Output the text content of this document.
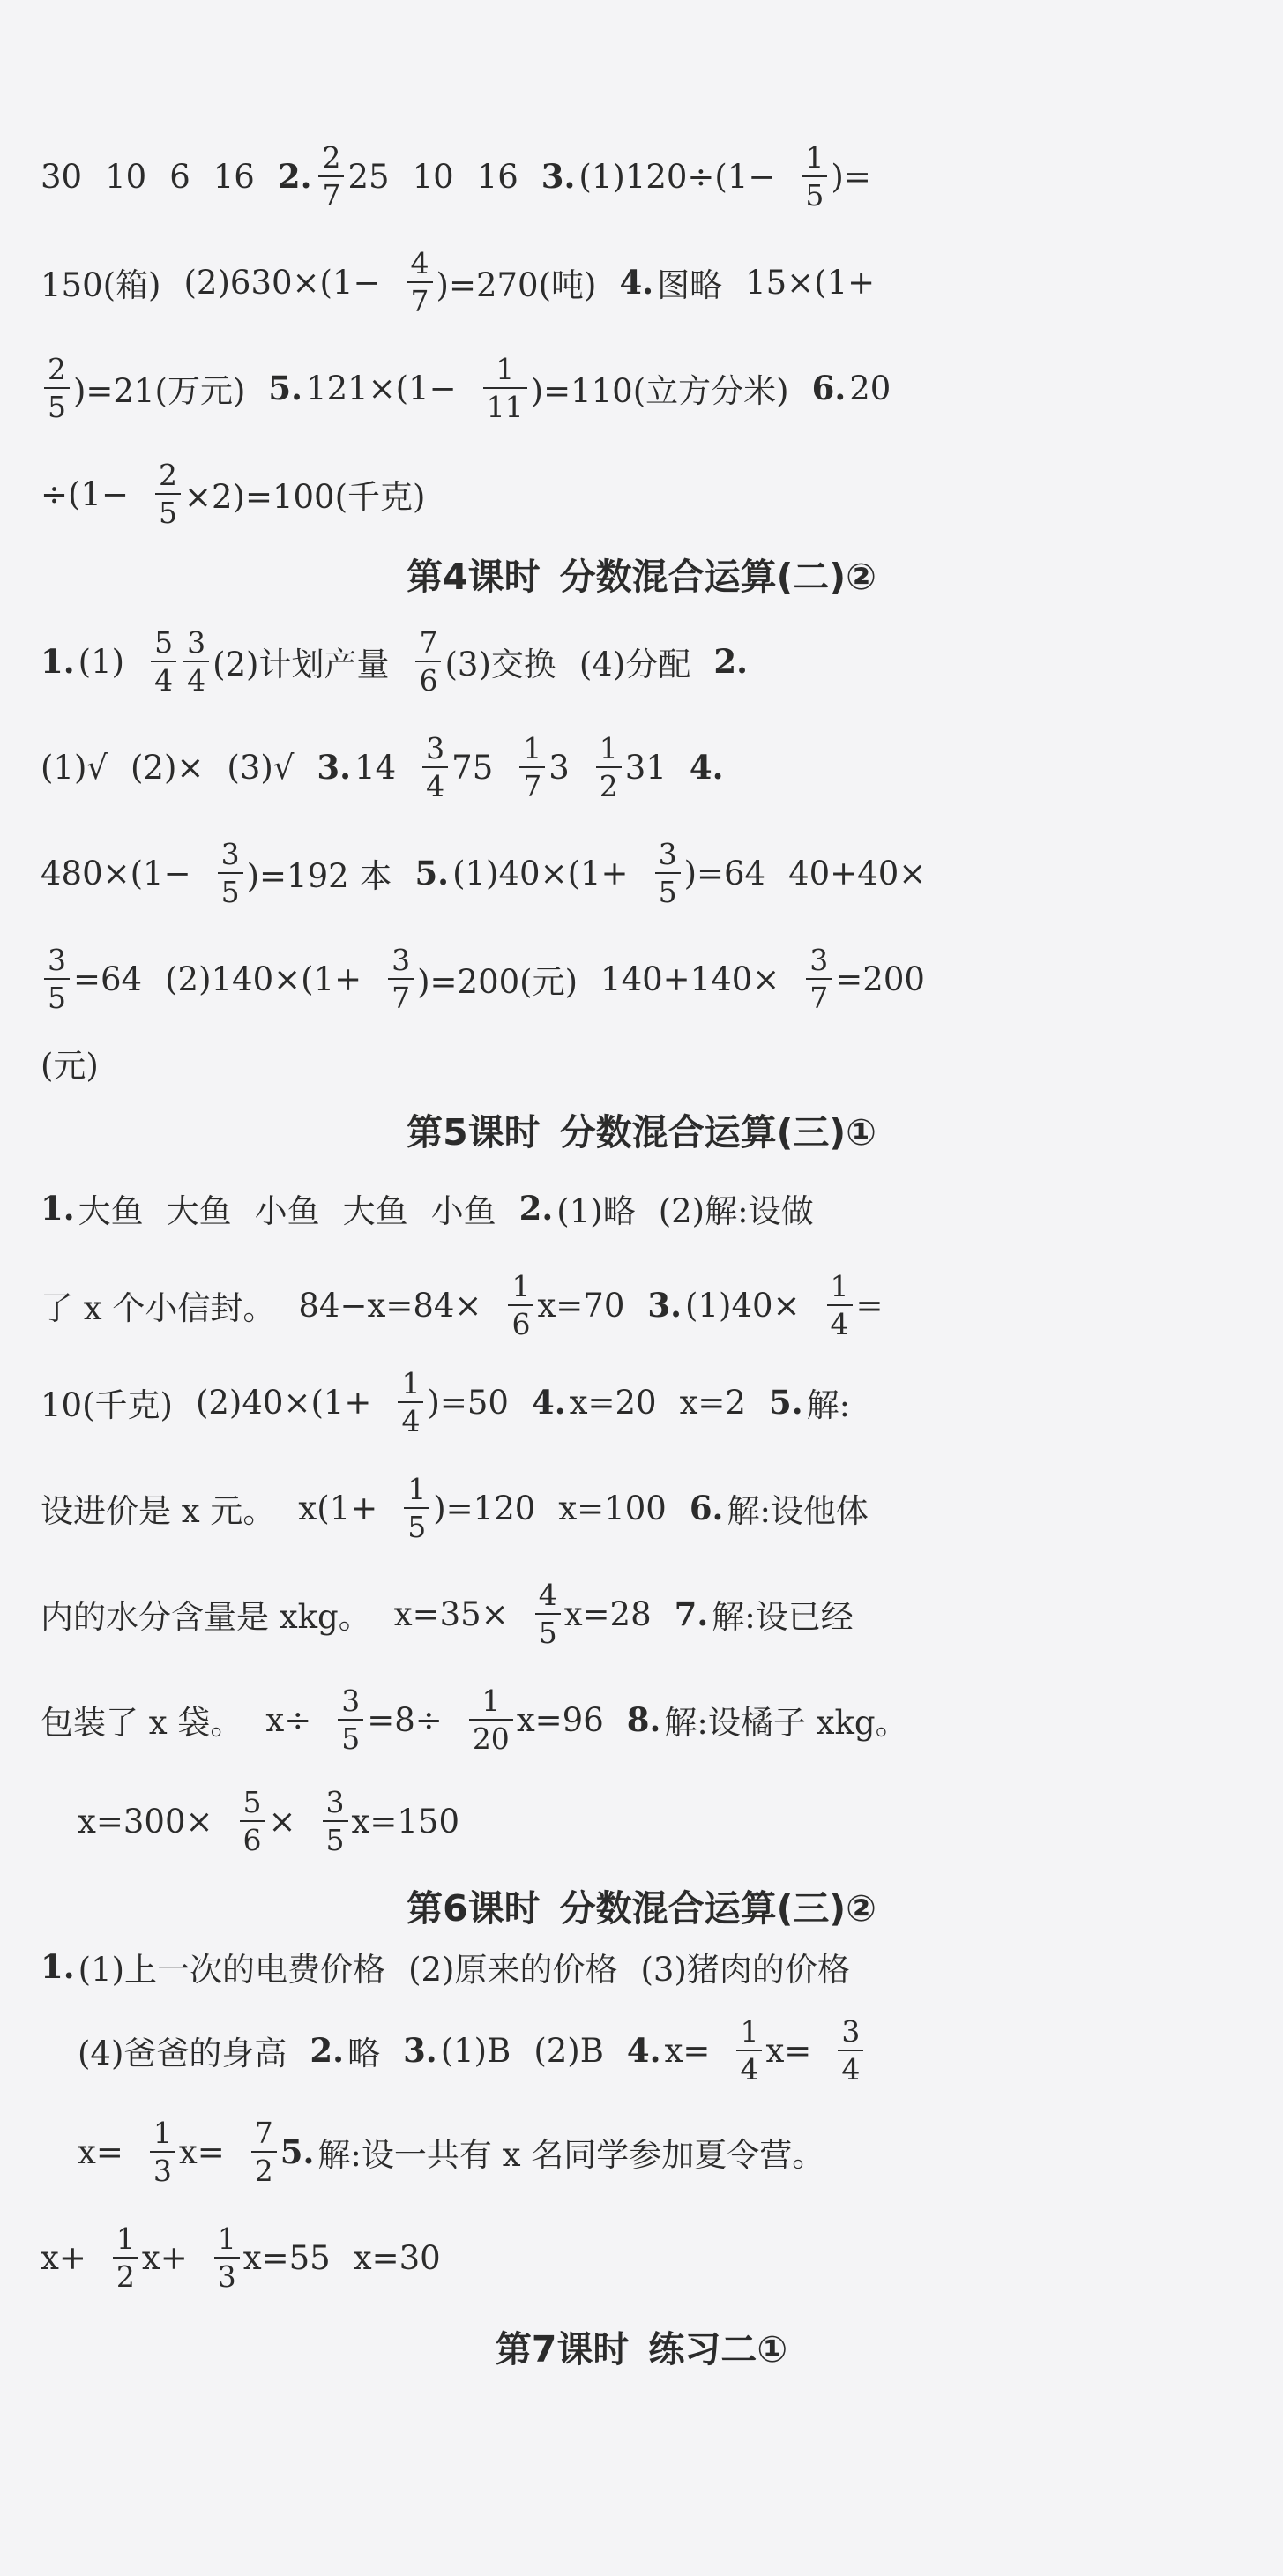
30 10 6 16 2. $\frac{2}{7} 25$ 10 16 3. $(1)120\div(1- \frac{1}{5}$ )=
150(箱) $(2)630\times(1- \frac{4}{7} )=270$(吨) 4. 图略 15×(1+
$\frac{2}{5} )=21$(万元) 5. $121\times(1- \frac{1}{11} )=110$(立方分米) 6. 20
$\div(1- \frac{2}{5} \times 2)=100$(千克)
第4课时 分数混合运算(二)②
1. $(1) \frac{5}{4} \frac{3}{4} (2)$计划产量 $\frac{7}{6} (3)$交换 (4)分配 2.
(1)√ (2)× (3)√ 3. $14 \frac{3}{4} 75 \frac{1}{7} 3 \frac{1}{2} 31$ 4.
$480\times(1- \frac{3}{5} )=192$ 本 5. $(1)40\times(1+ \frac{3}{5} )=64$ 40+40×
$\frac{3}{5} =64$ $(2)140\times(1+ \frac{3}{7} )=200$(元) $140+140\times \frac{3}{7} =200$
(元)
第5课时 分数混合运算(三)①
1. 大鱼 大鱼 小鱼 大鱼 小鱼 2. (1)略 (2)解:设做
了 x 个小信封。 $84-x=84\times \frac{1}{6} x=70$ 3. $(1)40\times \frac{1}{4}$ =
10(千克) $(2)40\times(1+ \frac{1}{4} )=50$ 4. x=20 x=2 5. 解:
设进价是 x 元。 $x(1+ \frac{1}{5} )=120$ x=100 6. 解:设他体
内的水分含量是 xkg。 $x=35\times \frac{4}{5} x=28$ 7. 解:设已经
包装了 x 袋。 $x\div \frac{3}{5} =8\div \frac{1}{20} x=96$ 8. 解:设橘子 xkg。
$x=300\times \frac{5}{6} \times \frac{3}{5} x=150$
第6课时 分数混合运算(三)②
1. (1)上一次的电费价格 (2)原来的价格 (3)猪肉的价格
(4)爸爸的身高 2. 略 3. (1)B (2)B 4. $x= \frac{1}{4} x= \frac{3}{4}$
$x= \frac{1}{3} x= \frac{7}{2} 5$. 解:设一共有 x 名同学参加夏令营。
$x+ \frac{1}{2} x+ \frac{1}{3} x=55$ x=30
第7课时 练习二①
